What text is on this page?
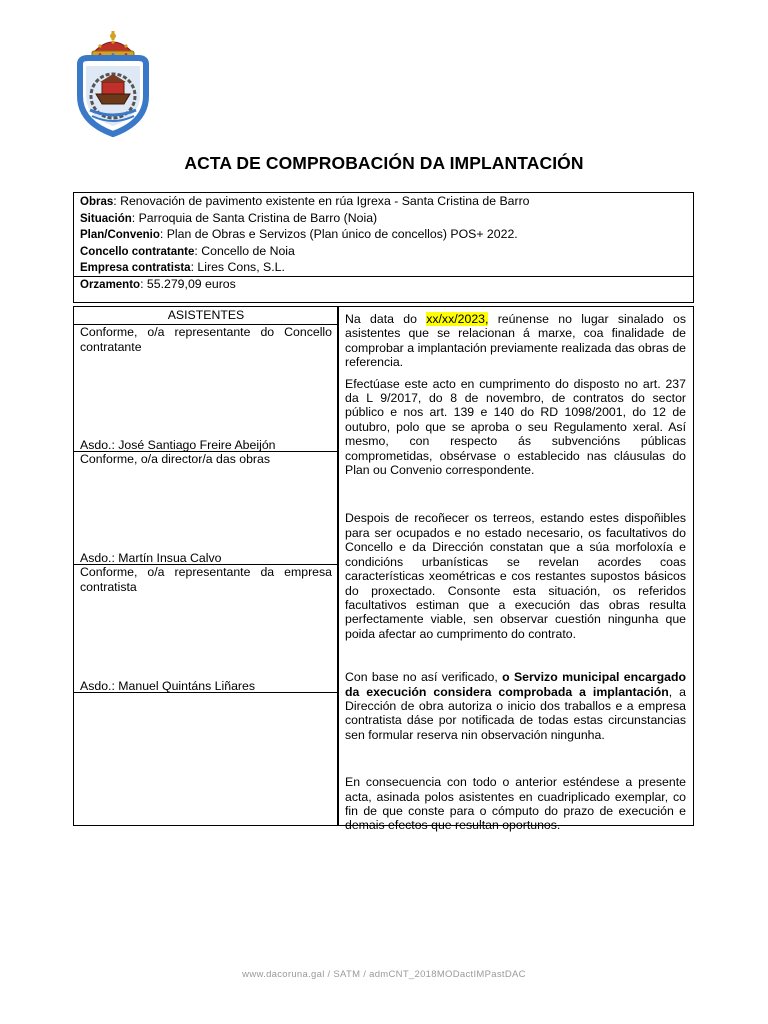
ACTA DE COMPROBACIÓN DA IMPLANTACIÓN
Obras: Renovación de pavimento existente en rúa Igrexa - Santa Cristina de Barro
Situación: Parroquia de Santa Cristina de Barro (Noia)
Plan/Convenio: Plan de Obras e Servizos (Plan único de concellos) POS+ 2022.
Concello contratante: Concello de Noia
Empresa contratista: Lires Cons, S.L.
Orzamento: 55.279,09 euros
ASISTENTES
Conforme, o/a representante do Concello contratante
Asdo.: José Santiago Freire Abeijón
Conforme, o/a director/a das obras
Asdo.: Martín Insua Calvo
Conforme, o/a representante da empresa contratista
Asdo.: Manuel Quintáns Liñares

Na data do xx/xx/2023, reúnense no lugar sinalado os asistentes que se relacionan á marxe, coa finalidade de comprobar a implantación previamente realizada das obras de referencia.

Efectúase este acto en cumprimento do disposto no art. 237 da L 9/2017, do 8 de novembro, de contratos do sector público e nos art. 139 e 140 do RD 1098/2001, do 12 de outubro, polo que se aproba o seu Regulamento xeral. Así mesmo, con respecto ás subvencións públicas comprometidas, obsérvase o establecido nas cláusulas do Plan ou Convenio correspondente.

Despois de recoñecer os terreos, estando estes dispoñibles para ser ocupados e no estado necesario, os facultativos do Concello e da Dirección constatan que a súa morfoloxía e condicións urbanísticas se revelan acordes coas características xeométricas e cos restantes supostos básicos do proxectado. Consonte esta situación, os referidos facultativos estiman que a execución das obras resulta perfectamente viable, sen observar cuestión ningunha que poida afectar ao cumprimento do contrato.

Con base no así verificado, o Servizo municipal encargado da execución considera comprobada a implantación, a Dirección de obra autoriza o inicio dos traballos e a empresa contratista dáse por notificada de todas estas circunstancias sen formular reserva nin observación ningunha.

En consecuencia con todo o anterior esténdese a presente acta, asinada polos asistentes en cuadriplicado exemplar, co fin de que conste para o cómputo do prazo de execución e demais efectos que resultan oportunos.

www.dacoruna.gal / SATM / admCNT_2018MODactIMPastDAC
